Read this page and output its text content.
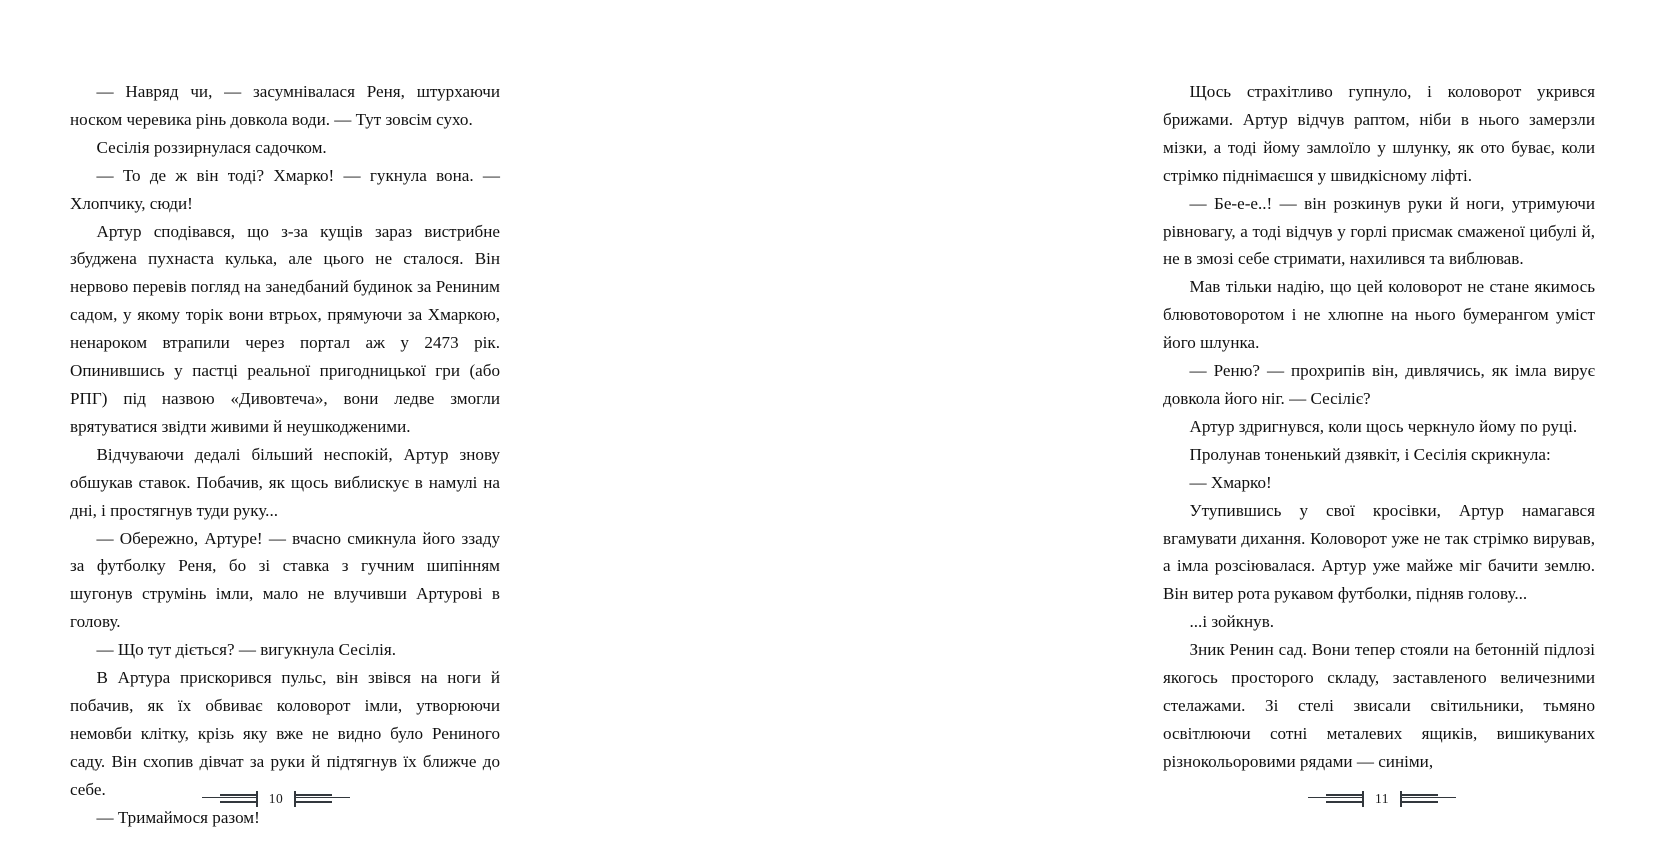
— Навряд чи, — засумнівалася Реня, штурхаючи носком черевика рінь довкола води. — Тут зовсім сухо.

Сесілія роззирнулася садочком.

— То де ж він тоді? Хмарко! — гукнула вона. — Хлопчику, сюди!

Артур сподівався, що з-за кущів зараз вистрибне збуджена пухнаста кулька, але цього не сталося. Він нервово перевів погляд на занедбаний будинок за Рениним садом, у якому торік вони втрьох, прямуючи за Хмаркою, ненароком втрапили через портал аж у 2473 рік. Опинившись у пастці реальної пригодницької гри (або РПГ) під назвою «Дивовтеча», вони ледве змогли врятуватися звідти живими й неушкодженими.

Відчуваючи дедалі більший неспокій, Артур знову обшукав ставок. Побачив, як щось виблискує в намулі на дні, і простягнув туди руку...

— Обережно, Артуре! — вчасно смикнула його ззаду за футболку Реня, бо зі ставка з гучним шипінням шугонув струмінь імли, мало не влучивши Артурові в голову.

— Що тут діється? — вигукнула Сесілія.

В Артура прискорився пульс, він звівся на ноги й побачив, як їх обвиває коловорот імли, утворюючи немовби клітку, крізь яку вже не видно було Рениного саду. Він схопив дівчат за руки й підтягнув їх ближче до себе.

— Тримаймося разом!

10

Щось страхітливо гупнуло, і коловорот укрився брижами. Артур відчув раптом, ніби в нього замерзли мізки, а тоді йому замлоїло у шлунку, як ото буває, коли стрімко піднімаєшся у швидкісному ліфті.

— Бе-е-е..! — він розкинув руки й ноги, утримуючи рівновагу, а тоді відчув у горлі присмак смаженої цибулі й, не в змозі себе стримати, нахилився та виблював.

Мав тільки надію, що цей коловорот не стане якимось блювотоворотом і не хлюпне на нього бумерангом уміст його шлунка.

— Реню? — прохрипів він, дивлячись, як імла вирує довкола його ніг. — Сесіліє?

Артур здригнувся, коли щось черкнуло йому по руці.

Пролунав тоненький дзявкіт, і Сесілія скрикнула:

— Хмарко!

Утупившись у свої кросівки, Артур намагався вгамувати дихання. Коловорот уже не так стрімко вирував, а імла розсіювалася. Артур уже майже міг бачити землю. Він витер рота рукавом футболки, підняв голову...

...і зойкнув.

Зник Ренин сад. Вони тепер стояли на бетонній підлозі якогось просторого складу, заставленого величезними стелажами. Зі стелі звисали світильники, тьмяно освітлюючи сотні металевих ящиків, вишикуваних різнокольоровими рядами — синіми,

11
